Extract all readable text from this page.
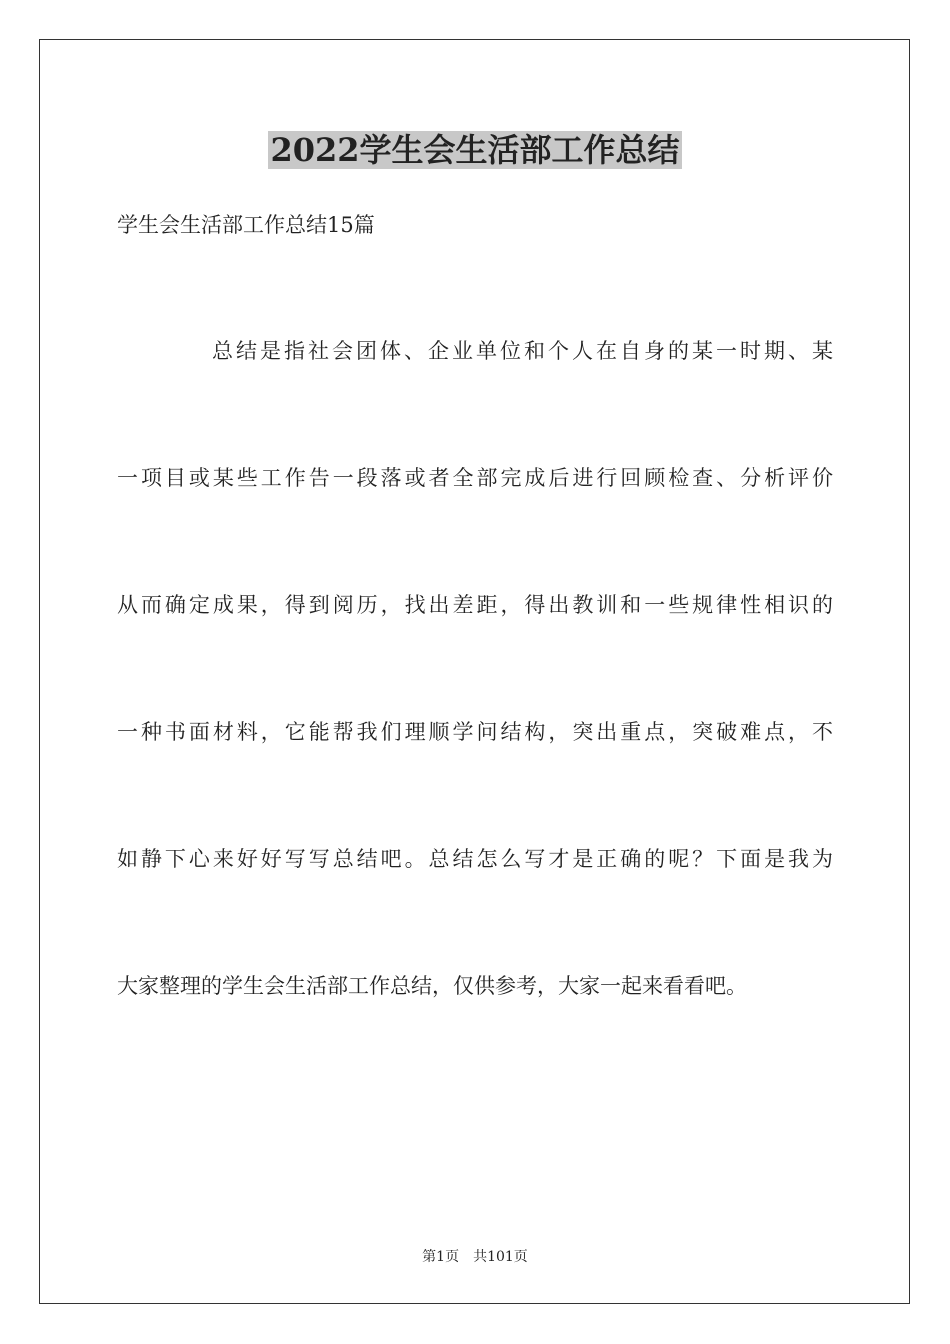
2022学生会生活部工作总结
学生会生活部工作总结15篇
总结是指社会团体、企业单位和个人在自身的某一时期、某
一项目或某些工作告一段落或者全部完成后进行回顾检查、分析评价
从而确定成果，得到阅历，找出差距，得出教训和一些规律性相识的
一种书面材料，它能帮我们理顺学问结构，突出重点，突破难点，不
如静下心来好好写写总结吧。总结怎么写才是正确的呢？下面是我为
大家整理的学生会生活部工作总结，仅供参考，大家一起来看看吧。
第1页　共101页
